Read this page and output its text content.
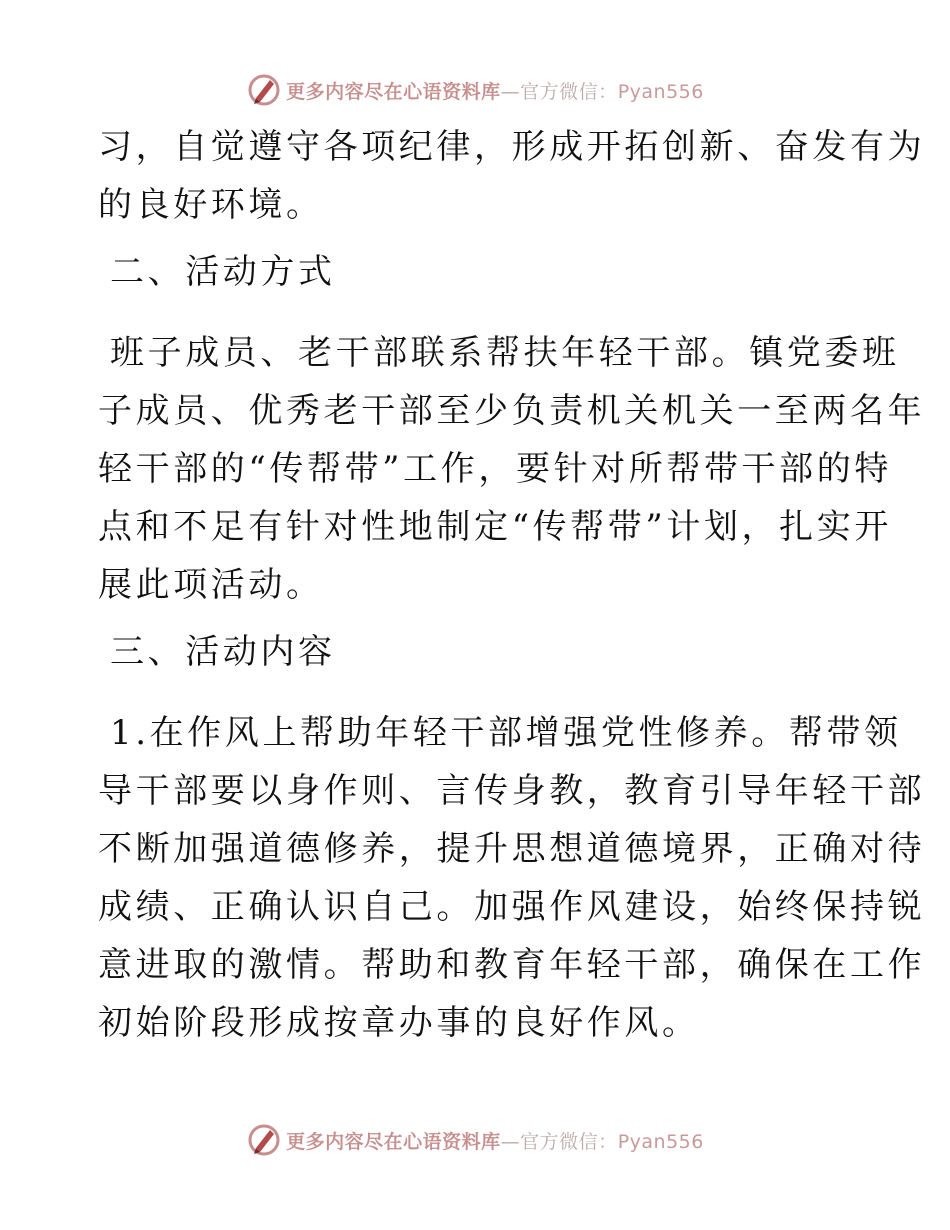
更多内容尽在心语资料库—官方微信：Pyan556
习，自觉遵守各项纪律，形成开拓创新、奋发有为
的良好环境。
二、活动方式
班子成员、老干部联系帮扶年轻干部。镇党委班
子成员、优秀老干部至少负责机关机关一至两名年
轻干部的“传帮带”工作，要针对所帮带干部的特
点和不足有针对性地制定“传帮带”计划，扎实开
展此项活动。
三、活动内容
1.在作风上帮助年轻干部增强党性修养。帮带领
导干部要以身作则、言传身教，教育引导年轻干部
不断加强道德修养，提升思想道德境界，正确对待
成绩、正确认识自己。加强作风建设，始终保持锐
意进取的激情。帮助和教育年轻干部，确保在工作
初始阶段形成按章办事的良好作风。
更多内容尽在心语资料库—官方微信：Pyan556
